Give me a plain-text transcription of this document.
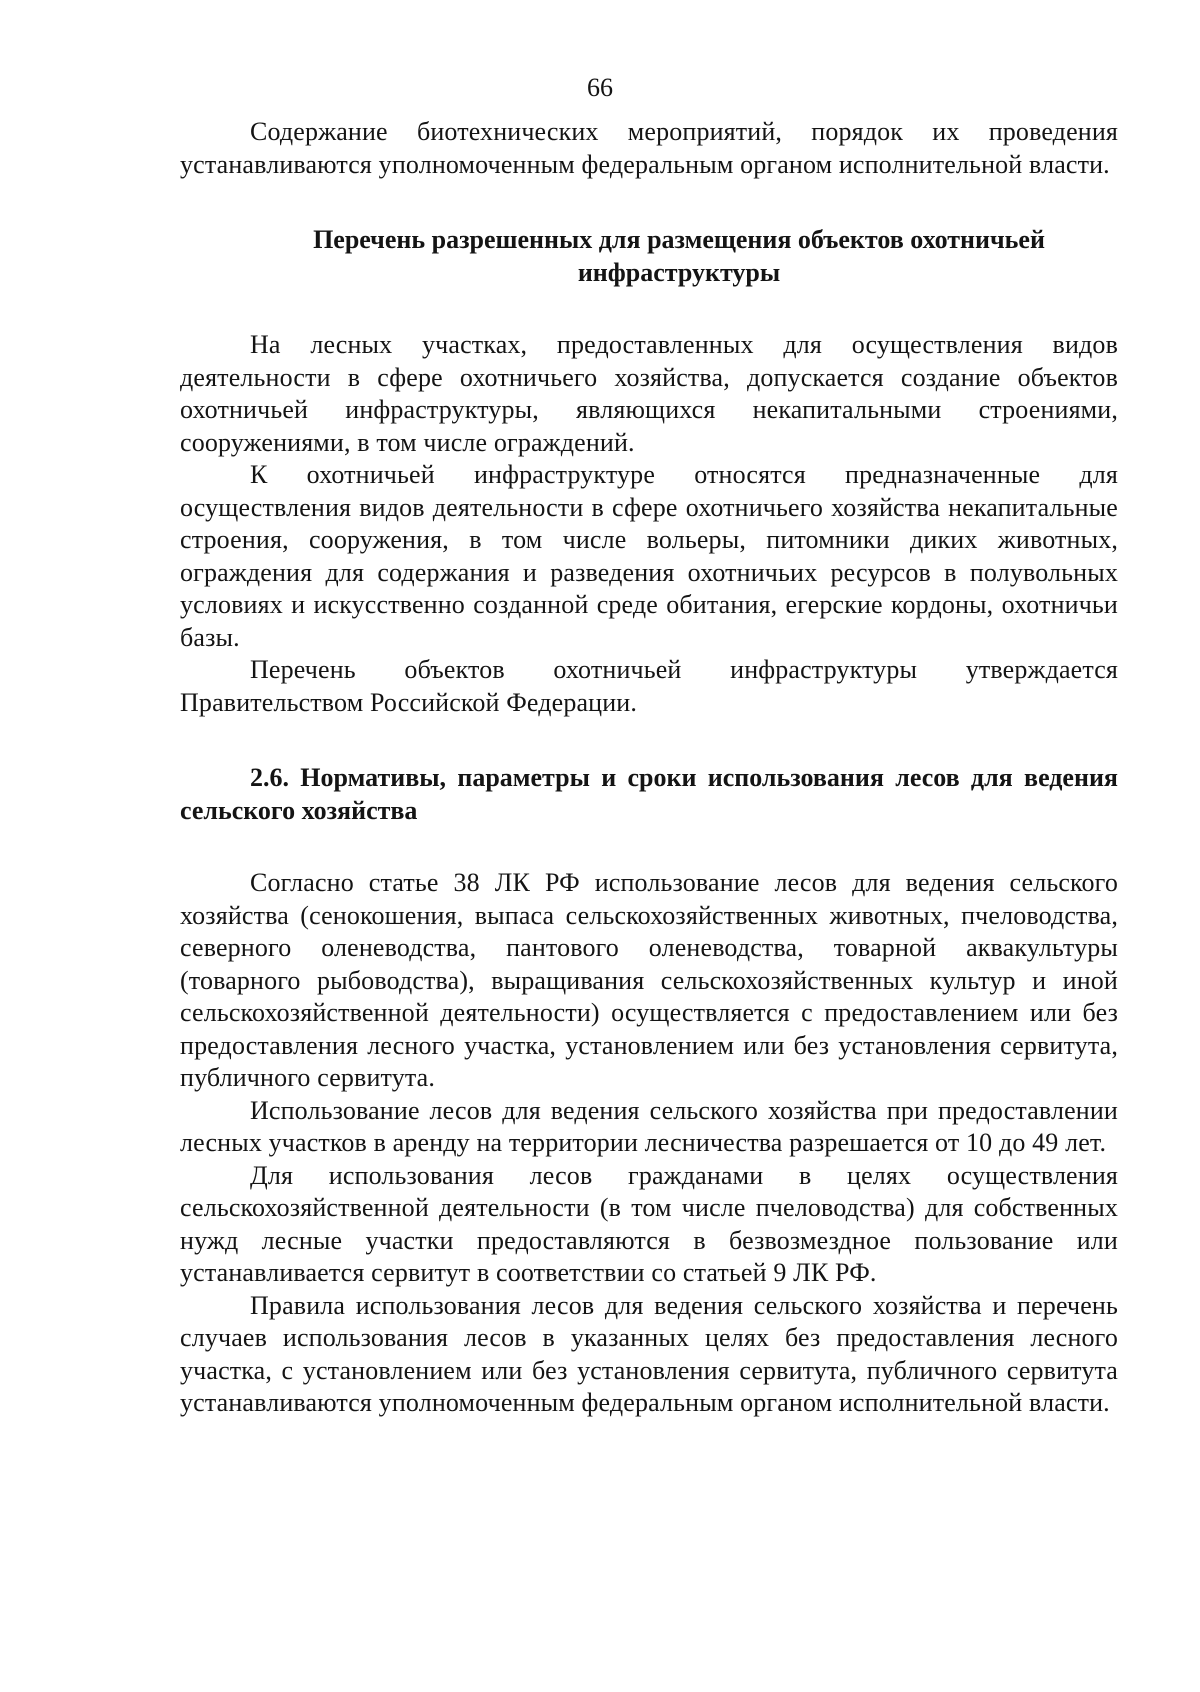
66

Содержание биотехнических мероприятий, порядок их проведения устанавливаются уполномоченным федеральным органом исполнительной власти.

Перечень разрешенных для размещения объектов охотничьей инфраструктуры

На лесных участках, предоставленных для осуществления видов деятельности в сфере охотничьего хозяйства, допускается создание объектов охотничьей инфраструктуры, являющихся некапитальными строениями, сооружениями, в том числе ограждений.

К охотничьей инфраструктуре относятся предназначенные для осуществления видов деятельности в сфере охотничьего хозяйства некапитальные строения, сооружения, в том числе вольеры, питомники диких животных, ограждения для содержания и разведения охотничьих ресурсов в полувольных условиях и искусственно созданной среде обитания, егерские кордоны, охотничьи базы.

Перечень объектов охотничьей инфраструктуры утверждается Правительством Российской Федерации.

2.6. Нормативы, параметры и сроки использования лесов для ведения сельского хозяйства

Согласно статье 38 ЛК РФ использование лесов для ведения сельского хозяйства (сенокошения, выпаса сельскохозяйственных животных, пчеловодства, северного оленеводства, пантового оленеводства, товарной аквакультуры (товарного рыбоводства), выращивания сельскохозяйственных культур и иной сельскохозяйственной деятельности) осуществляется с предоставлением или без предоставления лесного участка, установлением или без установления сервитута, публичного сервитута.

Использование лесов для ведения сельского хозяйства при предоставлении лесных участков в аренду на территории лесничества разрешается от 10 до 49 лет.

Для использования лесов гражданами в целях осуществления сельскохозяйственной деятельности (в том числе пчеловодства) для собственных нужд лесные участки предоставляются в безвозмездное пользование или устанавливается сервитут в соответствии со статьей 9 ЛК РФ.

Правила использования лесов для ведения сельского хозяйства и перечень случаев использования лесов в указанных целях без предоставления лесного участка, с установлением или без установления сервитута, публичного сервитута устанавливаются уполномоченным федеральным органом исполнительной власти.
